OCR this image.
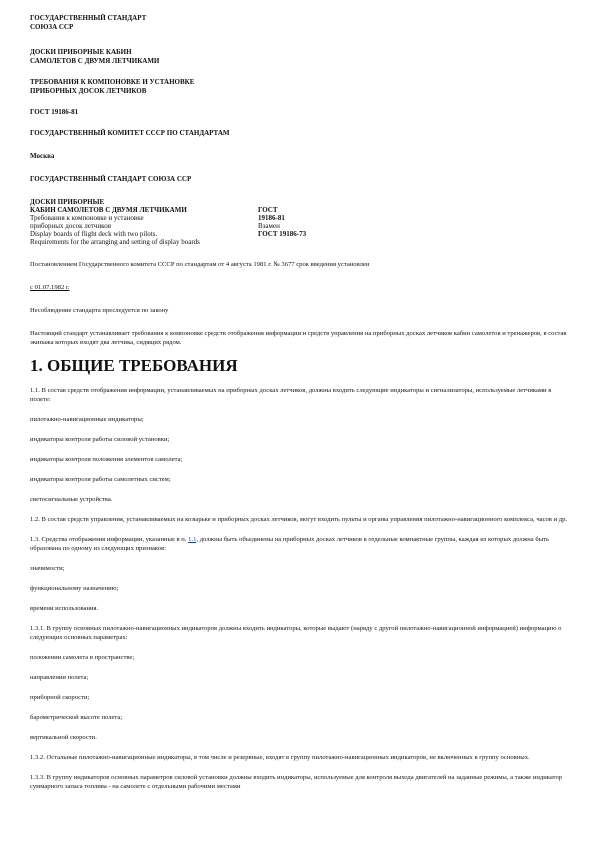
ГОСУДАРСТВЕННЫЙ СТАНДАРТ

СОЮЗА ССР

ДОСКИ ПРИБОРНЫЕ КАБИН

САМОЛЕТОВ С ДВУМЯ ЛЕТЧИКАМИ

ТРЕБОВАНИЯ К КОМПОНОВКЕ И УСТАНОВКЕ

ПРИБОРНЫХ ДОСОК ЛЕТЧИКОВ

ГОСТ 19186-81

ГОСУДАРСТВЕННЫЙ КОМИТЕТ СССР ПО СТАНДАРТАМ

Москва

ГОСУДАРСТВЕННЫЙ СТАНДАРТ СОЮЗА ССР

ДОСКИ ПРИБОРНЫЕ	
КАБИН САМОЛЕТОВ С ДВУМЯ ЛЕТЧИКАМИ	ГОСТ
Требования к компоновке и установке	19186-81
приборных досок летчиков	Взамен
Display boards of flight deck with two pilots.	ГОСТ 19186-73
Requirements for the arranging and setting of display boards	

Постановлением Государственного комитета СССР по стандартам от 4 августа 1981 г. № 3677 срок введения установлен

с 01.07.1982 г.

Несоблюдение стандарта преследуется по закону

Настоящий стандарт устанавливает требования к компоновке средств отображения информации и средств управления на приборных досках летчиков кабин самолетов и тренажеров, в состав экипажа которых входят два летчика, сидящих рядом.

1. ОБЩИЕ ТРЕБОВАНИЯ

1.1. В состав средств отображения информации, устанавливаемых на приборных досках летчиков, должны входить следующие индикаторы и сигнализаторы, используемые летчиками в полете:

пилотажно-навигационные индикаторы;

индикаторы контроля работы силовой установки;

индикаторы контроля положения элементов самолета;

индикаторы контроля работы самолетных систем;

светосигнальные устройства.

1.2. В состав средств управления, устанавливаемых на козырьке и приборных досках летчиков, могут входить пульты и органы управления пилотажно-навигационного комплекса, часов и др.

1.3. Средства отображения информации, указанные в п. 1.1, должны быть объединены на приборных досках летчиков в отдельные компактные группы, каждая из которых должна быть образована по одному из следующих признаков:

значимости;

функциональному назначению;

времени использования.

1.3.1. В группу основных пилотажно-навигационных индикаторов должны входить индикаторы, которые выдают (наряду с другой пилотажно-навигационной информацией) информацию о следующих основных параметрах:

положении самолета в пространстве;

направлении полета;

приборной скорости;

барометрической высоте полета;

вертикальной скорости.

1.3.2. Остальные пилотажно-навигационные индикаторы, в том числе и резервные, входят в группу пилотажно-навигационных индикаторов, не включенных в группу основных.

1.3.3. В группу индикаторов основных параметров силовой установки должны входить индикаторы, используемые для контроля выхода двигателей на заданные режимы, а также индикатор суммарного запаса топлива - на самолете с отдельными рабочими местами
